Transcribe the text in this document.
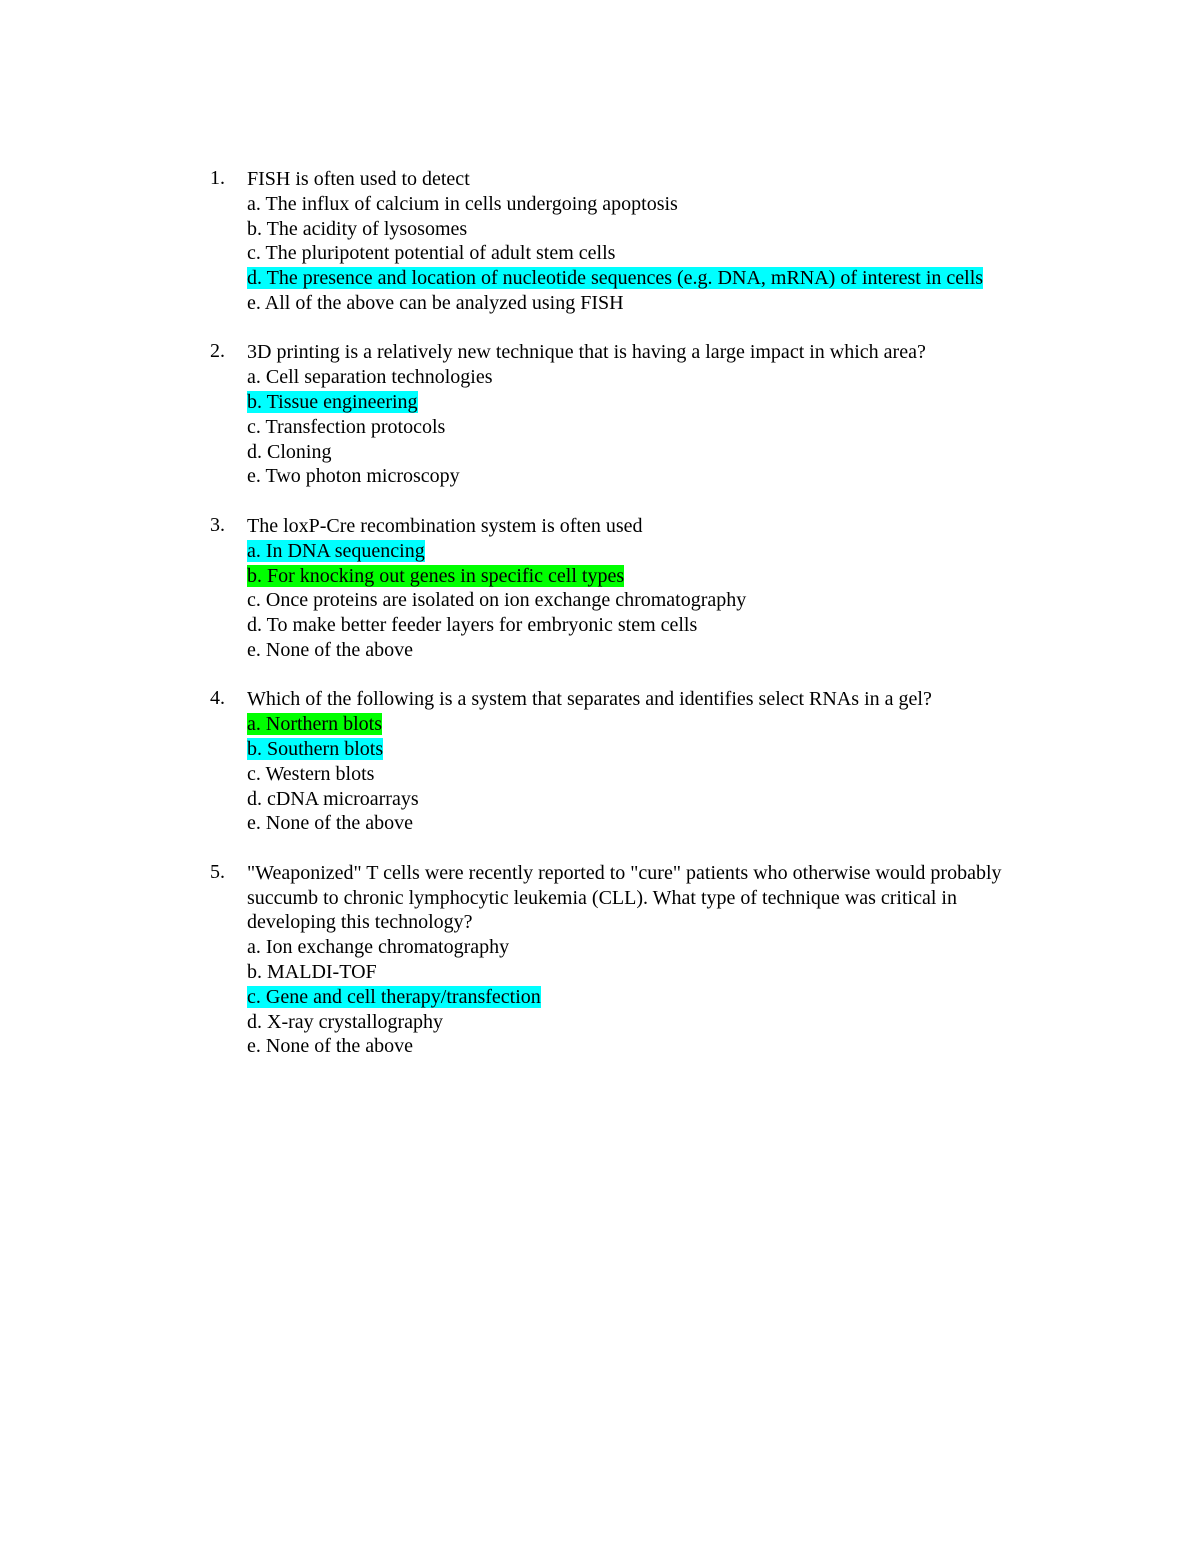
1.	FISH is often used to detect
a. The influx of calcium in cells undergoing apoptosis
b. The acidity of lysosomes
c. The pluripotent potential of adult stem cells
d. The presence and location of nucleotide sequences (e.g. DNA, mRNA) of interest in cells
e. All of the above can be analyzed using FISH
2.	3D printing is a relatively new technique that is having a large impact in which area?
a. Cell separation technologies
b. Tissue engineering
c. Transfection protocols
d. Cloning
e. Two photon microscopy
3.	The loxP-Cre recombination system is often used
a. In DNA sequencing
b. For knocking out genes in specific cell types
c. Once proteins are isolated on ion exchange chromatography
d. To make better feeder layers for embryonic stem cells
e. None of the above
4.	Which of the following is a system that separates and identifies select RNAs in a gel?
a. Northern blots
b. Southern blots
c. Western blots
d. cDNA microarrays
e. None of the above
5.	"Weaponized" T cells were recently reported to "cure" patients who otherwise would probably succumb to chronic lymphocytic leukemia (CLL). What type of technique was critical in developing this technology?
a. Ion exchange chromatography
b. MALDI-TOF
c. Gene and cell therapy/transfection
d. X-ray crystallography
e. None of the above
